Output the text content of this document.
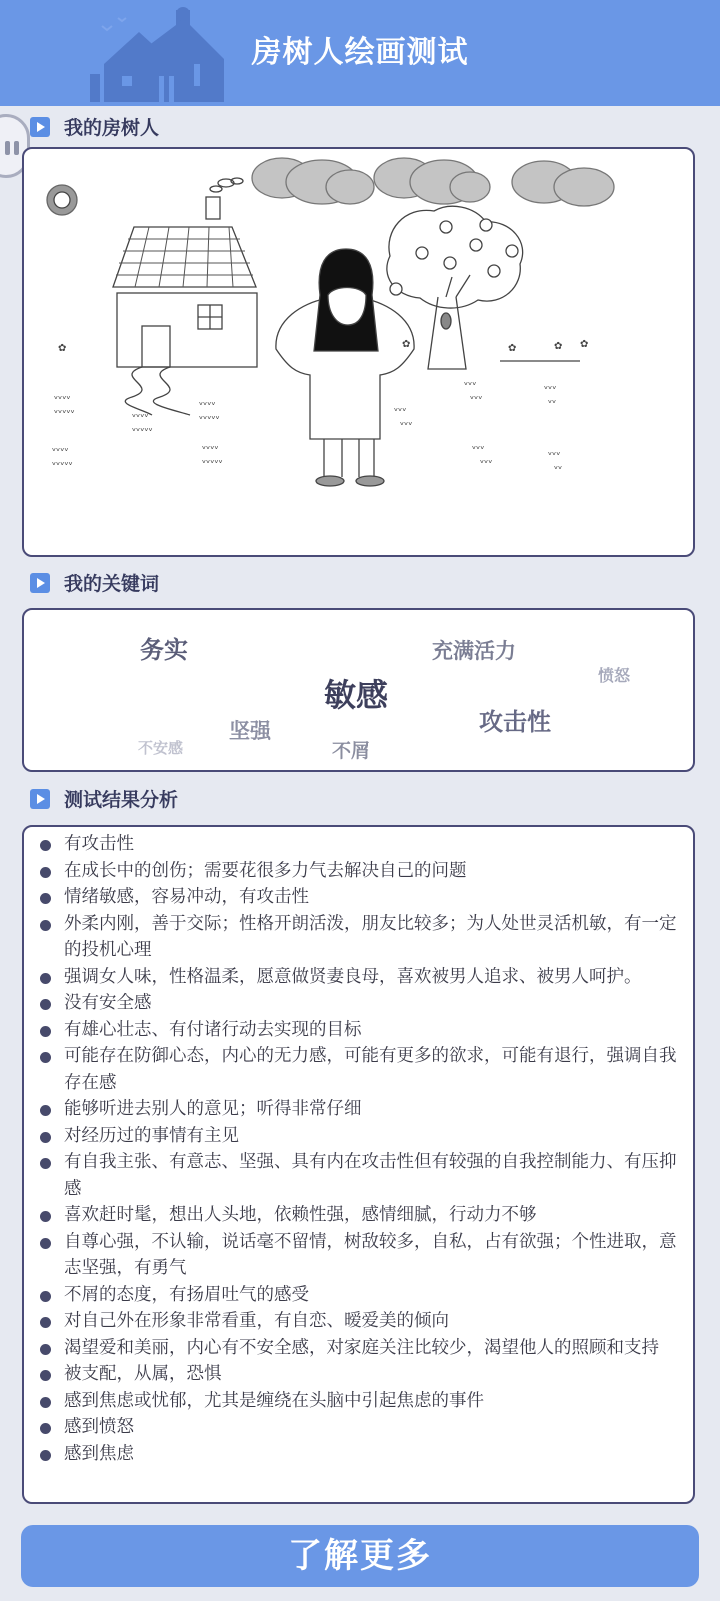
房树人绘画测试
我的房树人
ᵥᵥᵥᵥ
ᵥᵥᵥᵥᵥ	ᵥᵥᵥᵥ
ᵥᵥᵥᵥᵥ
ᵥᵥᵥᵥ
ᵥᵥᵥᵥᵥ
ᵥᵥᵥᵥ
ᵥᵥᵥᵥᵥ
ᵥᵥᵥᵥ
ᵥᵥᵥᵥᵥ
ᵥᵥᵥ
ᵥᵥᵥ
ᵥᵥᵥ
ᵥᵥᵥ
ᵥᵥᵥ
ᵥᵥ
ᵥᵥᵥ
ᵥᵥᵥ
ᵥᵥᵥ
ᵥᵥ
✿	✿	✿	✿ ✿
我的关键词
务实	充满活力
愤怒
敏感
攻击性
坚强
不安感	不屑
测试结果分析
有攻击性
在成长中的创伤；需要花很多力气去解决自己的问题
情绪敏感，容易冲动，有攻击性
外柔内刚，善于交际；性格开朗活泼，朋友比较多；为人处世灵活机敏，有一定的投机心理
强调女人味，性格温柔，愿意做贤妻良母，喜欢被男人追求、被男人呵护。
没有安全感
有雄心壮志、有付诸行动去实现的目标
可能存在防御心态，内心的无力感，可能有更多的欲求，可能有退行，强调自我存在感
能够听进去别人的意见；听得非常仔细
对经历过的事情有主见
有自我主张、有意志、坚强、具有内在攻击性但有较强的自我控制能力、有压抑感
喜欢赶时髦，想出人头地，依赖性强，感情细腻，行动力不够
自尊心强，不认输，说话毫不留情，树敌较多，自私，占有欲强；个性进取，意志坚强，有勇气
不屑的态度，有扬眉吐气的感受
对自己外在形象非常看重，有自恋、暧爱美的倾向
渴望爱和美丽，内心有不安全感，对家庭关注比较少，渴望他人的照顾和支持
被支配，从属，恐惧
感到焦虑或忧郁，尤其是缠绕在头脑中引起焦虑的事件
感到愤怒
感到焦虑
了解更多
